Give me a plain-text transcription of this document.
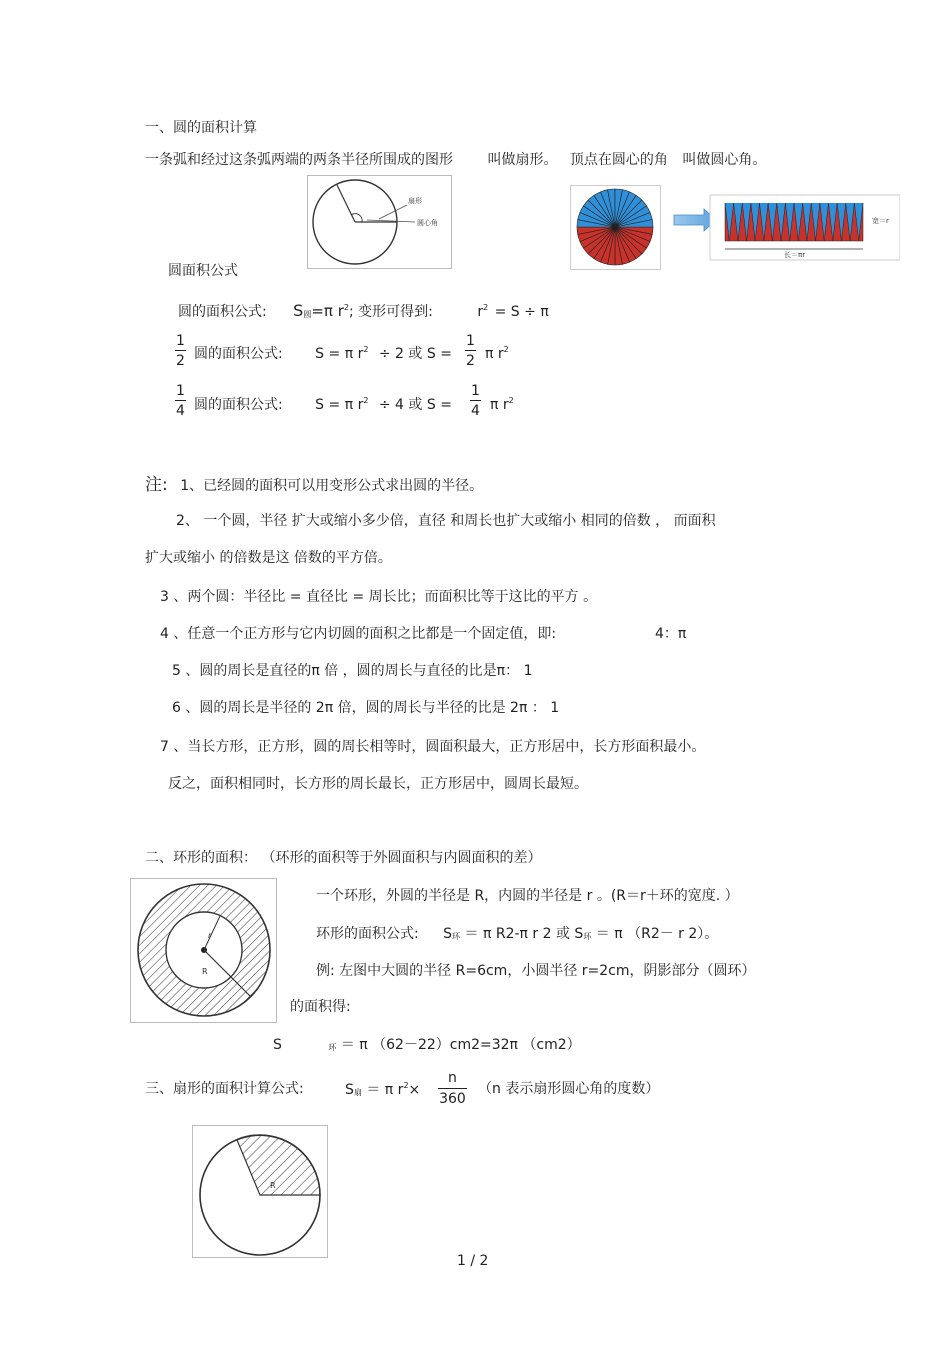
一、圆的面积计算
一条弧和经过这条弧两端的两条半径所围成的图形 叫做扇形。 顶点在圆心的角 叫做圆心角。
扇形
圆心角
长＝πr
宽＝r
圆面积公式
圆的面积公式: $S_圆=\pi$ $r^2$; 变形可得到:	$r^2 = S \div \pi$
$\frac{1}{2}$ 圆的面积公式: S = π $r^2 \div 2$ 或 $S = \frac{1}{2}$ π $r^2$
$\frac{1}{4}$ 圆的面积公式: S = π $r^2 \div 4$ 或 $S = \frac{1}{4}$ π $r^2$
注: 1、已经圆的面积可以用变形公式求出圆的半径。
2、 一个圆，半径 扩大或缩小多少倍，直径 和周长也扩大或缩小 相同的倍数 ， 而面积
扩大或缩小 的倍数是这 倍数的平方倍。
3 、两个圆：半径比 = 直径比 = 周长比；而面积比等于这比的平方 。
4 、任意一个正方形与它内切圆的面积之比都是一个固定值，即:	4：π
5 、圆的周长是直径的π 倍 ，圆的周长与直径的比是π： 1
6 、圆的周长是半径的 2π 倍，圆的周长与半径的比是 2π ： 1
7 、当长方形，正方形，圆的周长相等时，圆面积最大，正方形居中，长方形面积最小。
反之，面积相同时，长方形的周长最长，正方形居中，圆周长最短。
二、环形的面积： （环形的面积等于外圆面积与内圆面积的差）
r
R
一个环形，外圆的半径是 R，内圆的半径是 r 。(R＝r＋环的宽度. ）
环形的面积公式: $S_环 = \pi$ R2-π r 2 或 $S_环 = \pi$ （R2－ r 2）。
例: 左图中大圆的半径 R=6cm，小圆半径 r=2cm，阴影部分（圆环）
的面积得:
S	$_环$ ＝ π （62－22）cm2=32π （cm2）
三、扇形的面积计算公式:	$S_扇 = \pi$ $r^2\times \frac{n}{360} (n$ 表示扇形圆心角的度数）
R
1 / 2
